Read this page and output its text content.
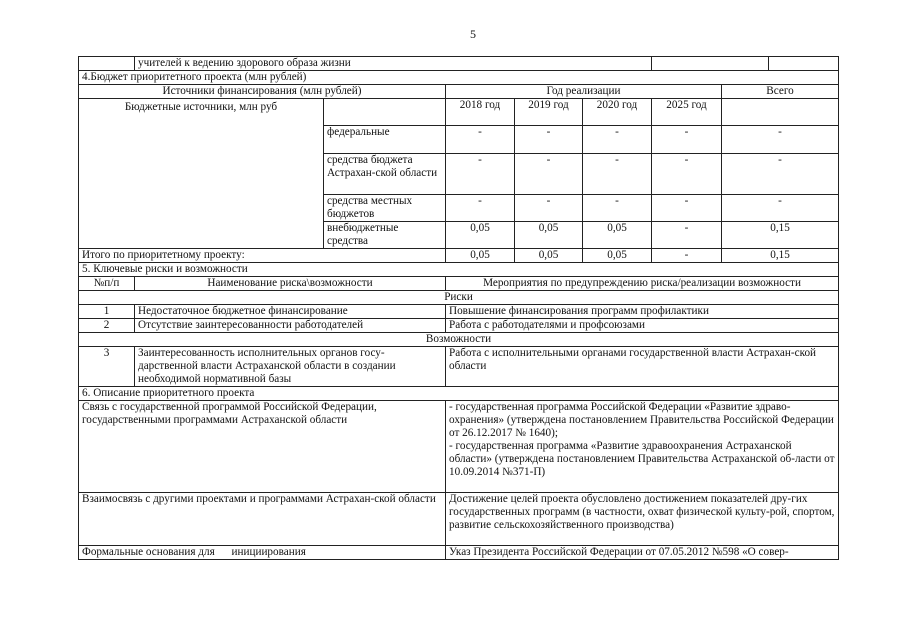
5
	учителей к ведению здорового образа жизни							
4.Бюджет приоритетного проекта (млн рублей)								
Источники финансирования (млн рублей)			Год реализации				Всего	
Бюджетные источники, млн руб			2018 год	2019 год	2020 год	2025 год		
		федеральные	-	-	-	-	-	
		средства бюджета Астрахан-ской области	-	-	-	-	-	
		средства местных бюджетов	-	-	-	-	-	
		внебюджетные средства	0,05	0,05	0,05	-	0,15	
Итого по приоритетному проекту:			0,05	0,05	0,05	-	0,15	
5. Ключевые риски и возможности								
№п/п	Наименование риска\возможности		Мероприятия по предупреждению риска/реализации возможности					
Риски								
1	Недостаточное бюджетное финансирование		Повышение финансирования программ профилактики					
2	Отсутствие заинтересованности работодателей		Работа с работодателями и профсоюзами					
Возможности								
3	Заинтересованность исполнительных органов госу-дарственной власти Астраханской области в создании необходимой нормативной базы		Работа с исполнительными органами государственной власти Астрахан-ской области					
6. Описание приоритетного проекта								
Связь с государственной программой Российской Федерации, государственными программами Астраханской области			- государственная программа Российской Федерации «Развитие здраво-охранения» (утверждена постановлением Правительства Российской Федерации от 26.12.2017 № 1640);
- государственная программа «Развитие здравоохранения Астраханской области» (утверждена постановлением Правительства Астраханской об-ласти от 10.09.2014 №371-П)					
Взаимосвязь с другими проектами и программами Астрахан-ской области			Достижение целей проекта обусловлено достижением показателей дру-гих государственных программ (в частности, охват физической культу-рой, спортом, развитие сельскохозяйственного производства)					
Формальные основания для      инициирования			Указ Президента Российской Федерации от 07.05.2012 №598 «О совер-					
